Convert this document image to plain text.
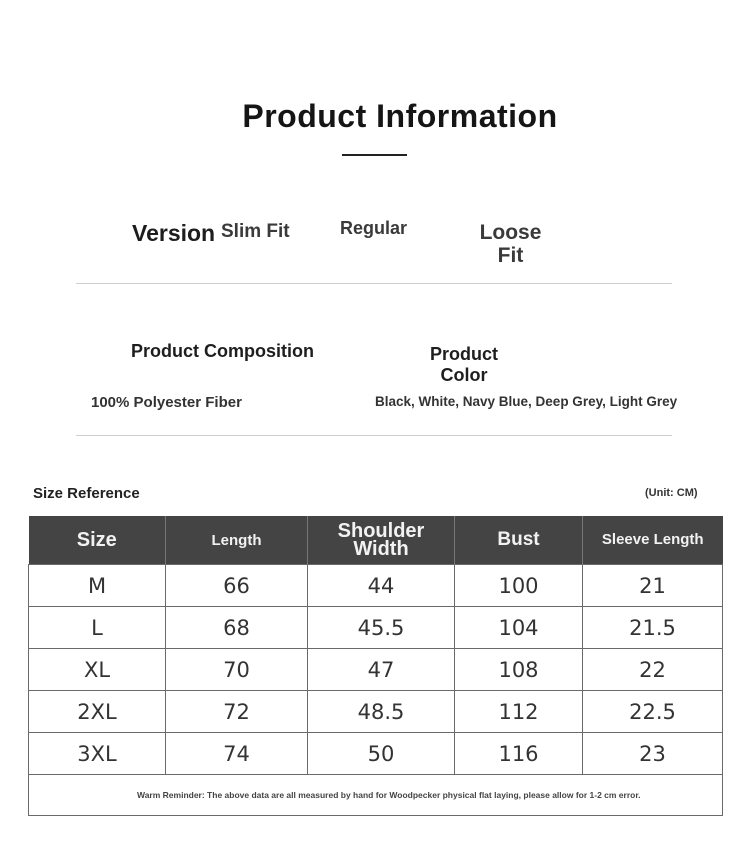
Product Information
Version Slim Fit	Regular	Loose
Fit
Product Composition
100% Polyester Fiber
Product
Color
Black, White, Navy Blue, Deep Grey, Light Grey
Size Reference	(Unit: CM)
Size	Length	Shoulder Width	Bust	Sleeve Length
M	66	44	100	21
L	68	45.5	104	21.5
XL	70	47	108	22
2XL	72	48.5	112	22.5
3XL	74	50	116	23
Warm Reminder: The above data are all measured by hand for Woodpecker physical flat laying, please allow for 1-2 cm error.				
